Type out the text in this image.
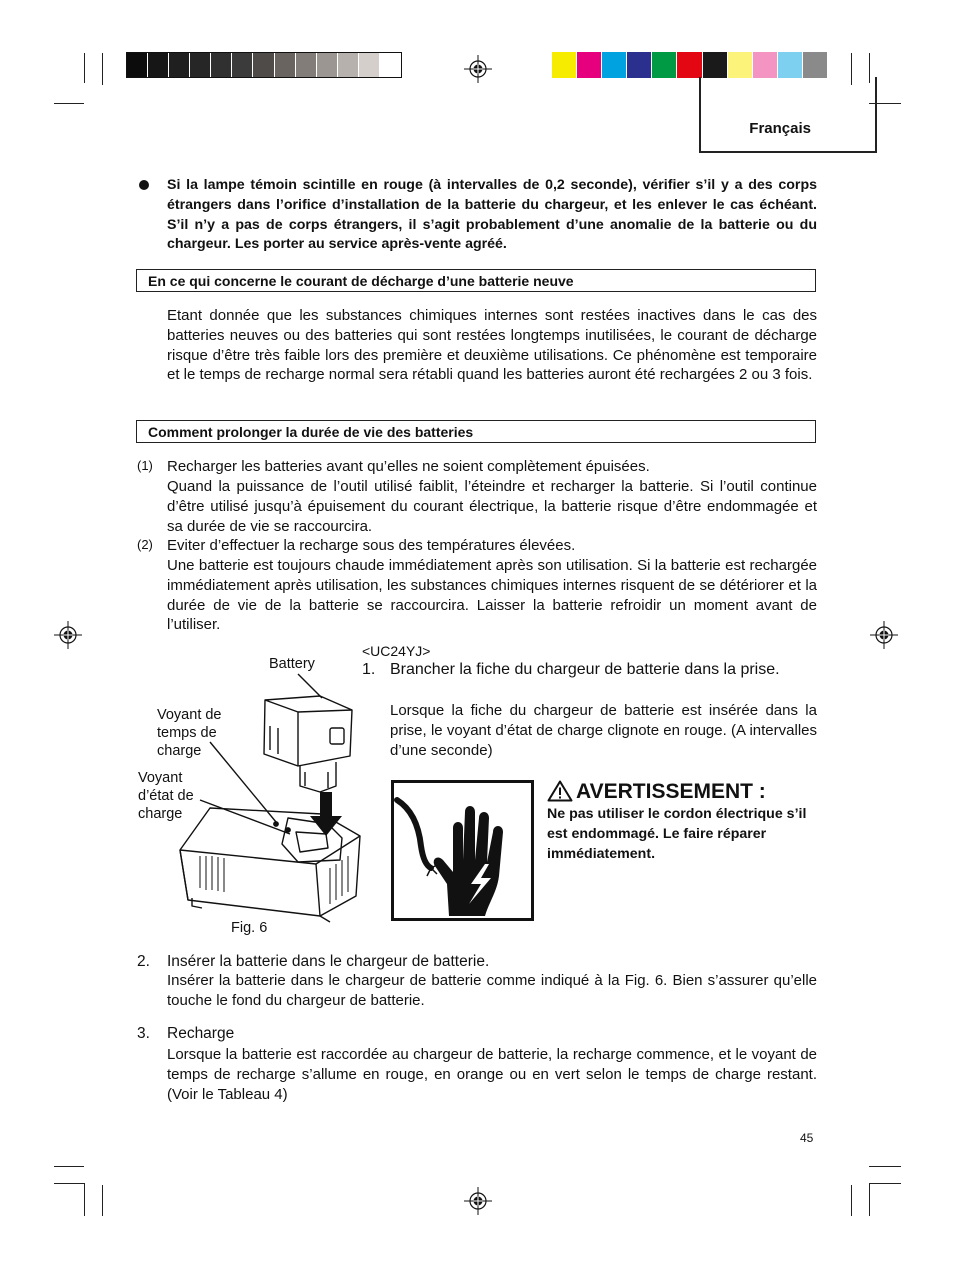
Français
Si la lampe témoin scintille en rouge (à intervalles de 0,2 seconde), vérifier s’il y a des corps étrangers dans l’orifice d’installation de la batterie du chargeur, et les enlever le cas échéant. S’il n’y a pas de corps étrangers, il s’agit probablement d’une anomalie de la batterie ou du chargeur. Les porter au service après-vente agréé.
En ce qui concerne le courant de décharge d’une batterie neuve
Etant donnée que les substances chimiques internes sont restées inactives dans le cas des batteries neuves ou des batteries qui sont restées longtemps inutilisées, le courant de décharge risque d’être très faible lors des première et deuxième utilisations. Ce phénomène est temporaire et le temps de recharge normal sera rétabli quand les batteries auront été rechargées 2 ou 3 fois.
Comment prolonger la durée de vie des batteries
(1) Recharger les batteries avant qu’elles ne soient complètement épuisées.
Quand la puissance de l’outil utilisé faiblit, l’éteindre et recharger la batterie. Si l’outil continue d’être utilisé jusqu’à épuisement du courant électrique, la batterie risque d’être endommagée et sa durée de vie se raccourcira.
(2) Eviter d’effectuer la recharge sous des températures élevées.
Une batterie est toujours chaude immédiatement après son utilisation. Si la batterie est rechargée immédiatement après utilisation, les substances chimiques internes risquent de se détériorer et la durée de vie de la batterie se raccourcira. Laisser la batterie refroidir un moment avant de l’utiliser.
Battery
Voyant de
temps de
charge
Voyant
d’état de
charge
Fig. 6
<UC24YJ>
1. Brancher la fiche du chargeur de batterie dans la prise.
Lorsque la fiche du chargeur de batterie est insérée dans la prise, le voyant d’état de charge clignote en rouge. (A intervalles d’une seconde)
AVERTISSEMENT :
Ne pas utiliser le cordon électrique s’il est endommagé. Le faire réparer immédiatement.
2. Insérer la batterie dans le chargeur de batterie.
Insérer la batterie dans le chargeur de batterie comme indiqué à la Fig. 6. Bien s’assurer qu’elle touche le fond du chargeur de batterie.
3. Recharge
Lorsque la batterie est raccordée au chargeur de batterie, la recharge commence, et le voyant de temps de recharge s’allume en rouge, en orange ou en vert selon le temps de charge restant. (Voir le Tableau 4)
45
